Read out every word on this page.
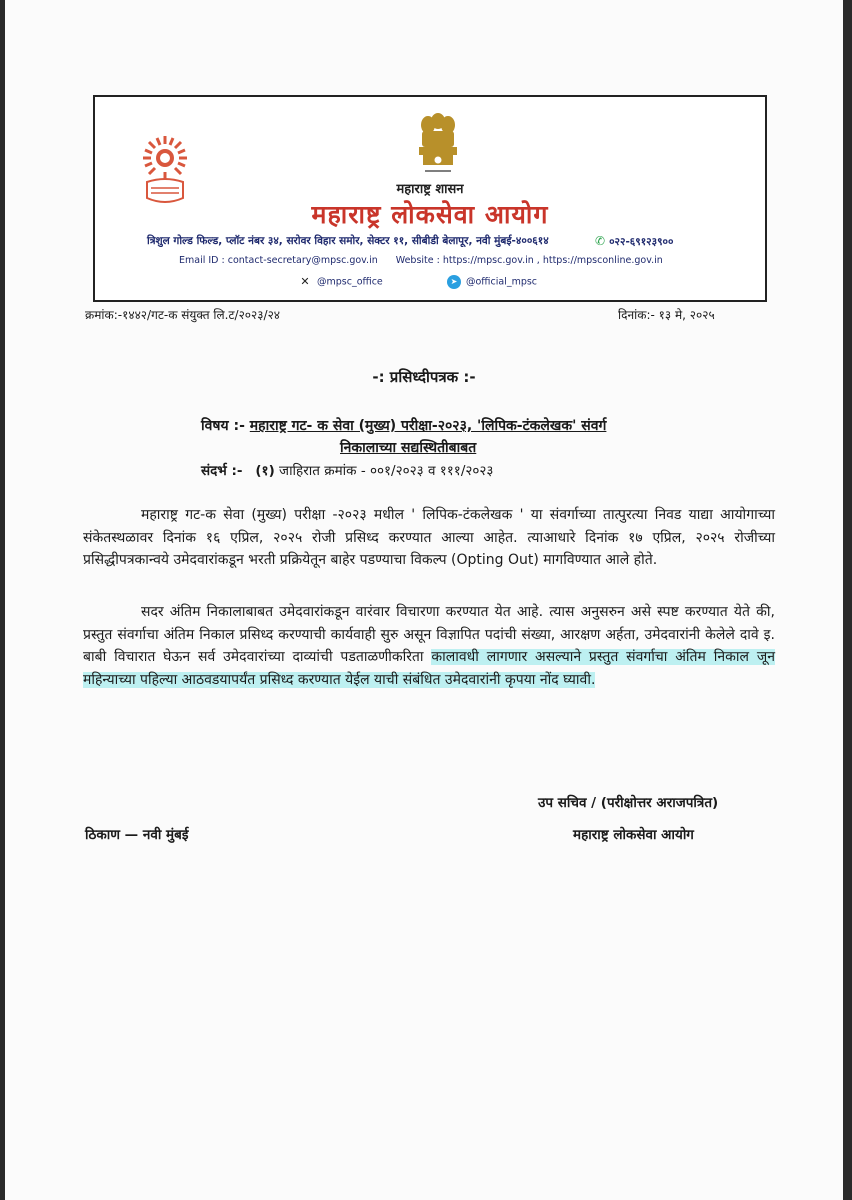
महाराष्ट्र शासन
महाराष्ट्र लोकसेवा आयोग
त्रिशुल गोल्ड फिल्ड, प्लॉट नंबर ३४, सरोवर विहार समोर, सेक्टर ११, सीबीडी बेलापूर, नवी मुंबई-४००६१४	✆ ०२२-६९१२३९००
Email ID : contact-secretary@mpsc.gov.in Website : https://mpsc.gov.in , https://mpsconline.gov.in
✕ @mpsc_office	➤ @official_mpsc
क्रमांक:-१४४२/गट-क संयुक्त लि.ट/२०२३/२४	दिनांक:- १३ मे, २०२५
-: प्रसिध्दीपत्रक :-
विषय :- महाराष्ट्र गट- क सेवा (मुख्य) परीक्षा-२०२३, 'लिपिक-टंकलेखक' संवर्ग
निकालाच्या सद्यस्थितीबाबत
संदर्भ :- (१) जाहिरात क्रमांक - ००१/२०२३ व १११/२०२३
महाराष्ट्र गट-क सेवा (मुख्य) परीक्षा -२०२३ मधील ' लिपिक-टंकलेखक ' या संवर्गाच्या तात्पुरत्या निवड याद्या आयोगाच्या संकेतस्थळावर दिनांक १६ एप्रिल, २०२५ रोजी प्रसिध्द करण्यात आल्या आहेत. त्याआधारे दिनांक १७ एप्रिल, २०२५ रोजीच्या प्रसिद्धीपत्रकान्वये उमेदवारांकडून भरती प्रक्रियेतून बाहेर पडण्याचा विकल्प (Opting Out) मागविण्यात आले होते.
सदर अंतिम निकालाबाबत उमेदवारांकडून वारंवार विचारणा करण्यात येत आहे. त्यास अनुसरुन असे स्पष्ट करण्यात येते की, प्रस्तुत संवर्गाचा अंतिम निकाल प्रसिध्द करण्याची कार्यवाही सुरु असून विज्ञापित पदांची संख्या, आरक्षण अर्हता, उमेदवारांनी केलेले दावे इ. बाबी विचारात घेऊन सर्व उमेदवारांच्या दाव्यांची पडताळणीकरिता कालावधी लागणार असल्याने प्रस्तुत संवर्गाचा अंतिम निकाल जून महिन्याच्या पहिल्या आठवडयापर्यंत प्रसिध्द करण्यात येईल याची संबंधित उमेदवारांनी कृपया नोंद घ्यावी.
उप सचिव / (परीक्षोत्तर अराजपत्रित)
ठिकाण — नवी मुंबई	महाराष्ट्र लोकसेवा आयोग
